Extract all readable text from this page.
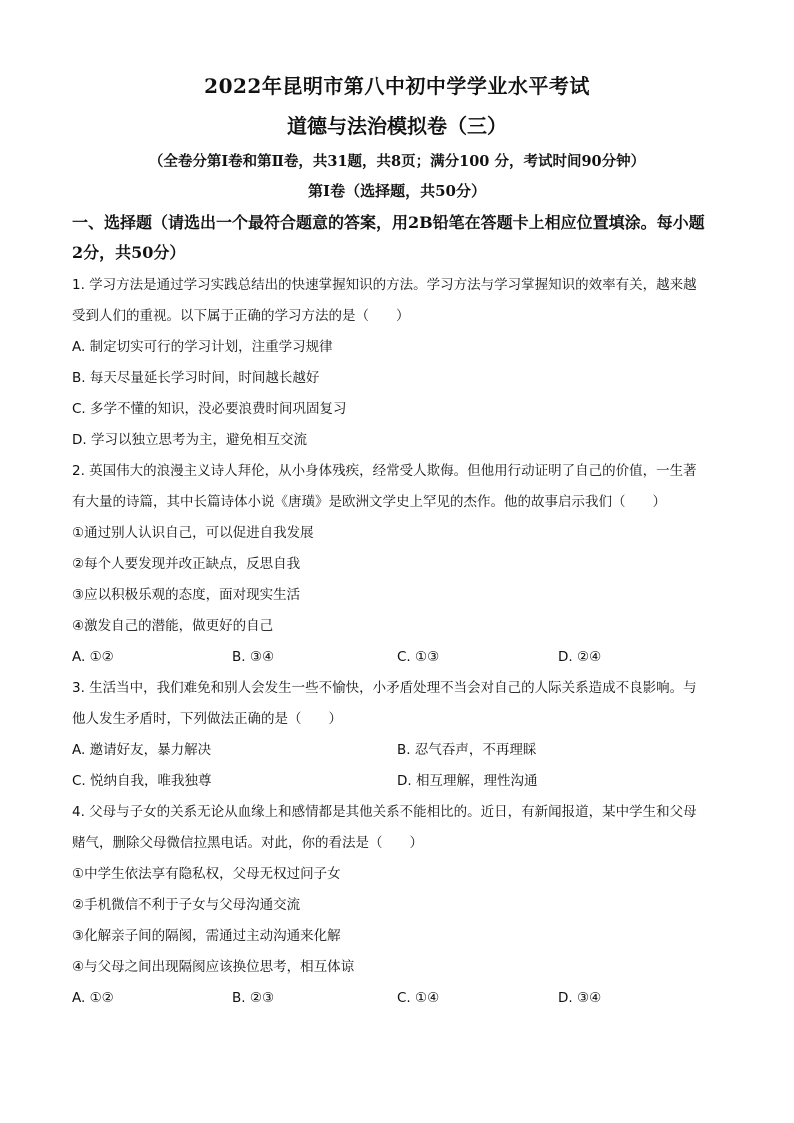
2022年昆明市第八中初中学学业水平考试
道德与法治模拟卷（三）
（全卷分第Ⅰ卷和第Ⅱ卷，共31题，共8页；满分100 分，考试时间90分钟）
第Ⅰ卷（选择题，共50分）
一、选择题（请选出一个最符合题意的答案，用2B铅笔在答题卡上相应位置填涂。每小题
2分，共50分）
1. 学习方法是通过学习实践总结出的快速掌握知识的方法。学习方法与学习掌握知识的效率有关，越来越
受到人们的重视。以下属于正确的学习方法的是（　　）
A. 制定切实可行的学习计划，注重学习规律
B. 每天尽量延长学习时间，时间越长越好
C. 多学不懂的知识，没必要浪费时间巩固复习
D. 学习以独立思考为主，避免相互交流
2. 英国伟大的浪漫主义诗人拜伦，从小身体残疾，经常受人欺侮。但他用行动证明了自己的价值，一生著
有大量的诗篇，其中长篇诗体小说《唐璜》是欧洲文学史上罕见的杰作。他的故事启示我们（　　）
①通过别人认识自己，可以促进自我发展
②每个人要发现并改正缺点，反思自我
③应以积极乐观的态度，面对现实生活
④激发自己的潜能，做更好的自己
A. ①②	B. ③④	C. ①③	D. ②④
3. 生活当中，我们难免和别人会发生一些不愉快，小矛盾处理不当会对自己的人际关系造成不良影响。与
他人发生矛盾时，下列做法正确的是（　　）
A. 邀请好友，暴力解决	B. 忍气吞声，不再理睬
C. 悦纳自我，唯我独尊	D. 相互理解，理性沟通
4. 父母与子女的关系无论从血缘上和感情都是其他关系不能相比的。近日，有新闻报道，某中学生和父母
赌气，删除父母微信拉黑电话。对此，你的看法是（　　）
①中学生依法享有隐私权，父母无权过问子女
②手机微信不利于子女与父母沟通交流
③化解亲子间的隔阂，需通过主动沟通来化解
④与父母之间出现隔阂应该换位思考，相互体谅
A. ①②	B. ②③	C. ①④	D. ③④
